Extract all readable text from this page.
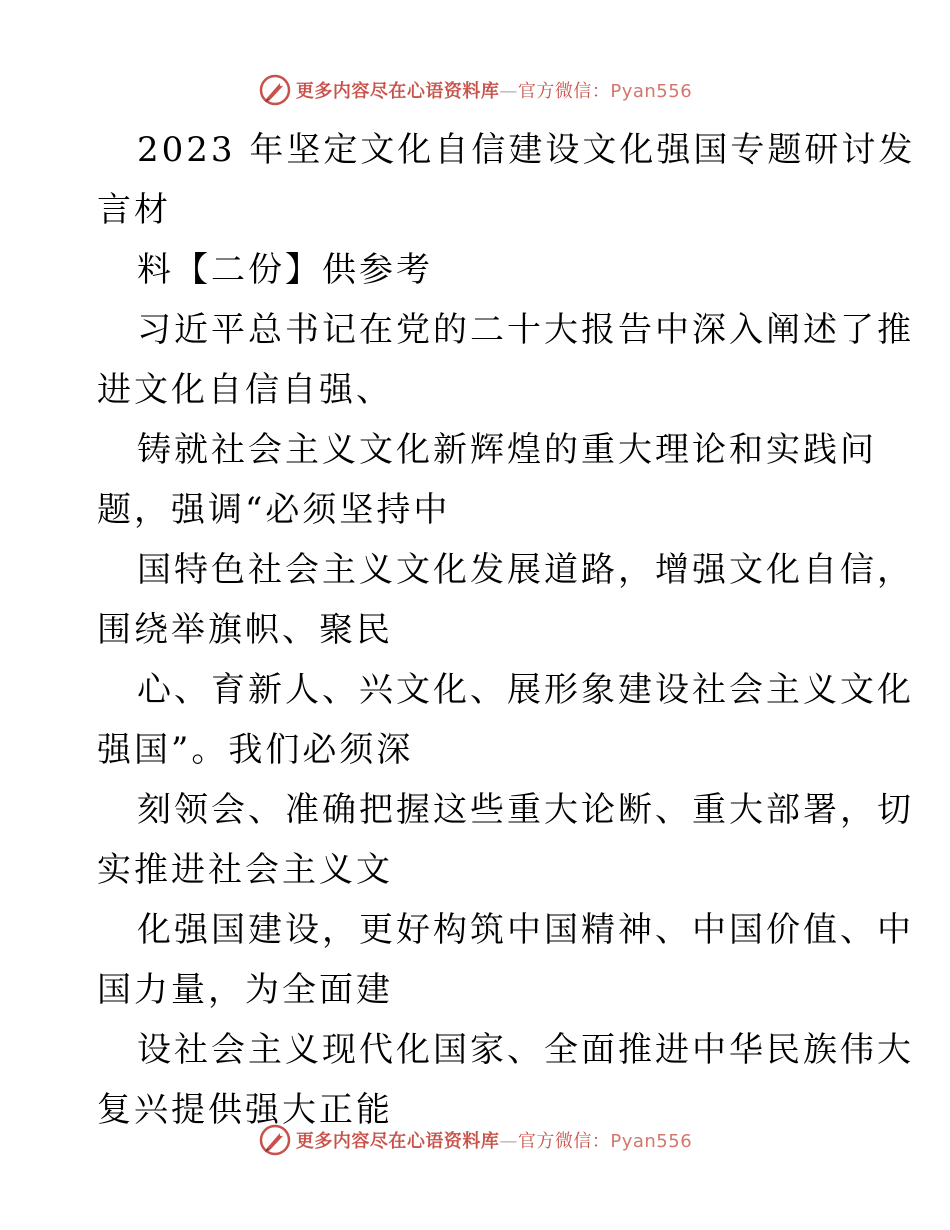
更多内容尽在心语资料库—官方微信：Pyan556
2023 年坚定文化自信建设文化强国专题研讨发
言材
料【二份】供参考
习近平总书记在党的二十大报告中深入阐述了推
进文化自信自强、
铸就社会主义文化新辉煌的重大理论和实践问
题，强调“必须坚持中
国特色社会主义文化发展道路，增强文化自信，
围绕举旗帜、聚民
心、育新人、兴文化、展形象建设社会主义文化
强国”。我们必须深
刻领会、准确把握这些重大论断、重大部署，切
实推进社会主义文
化强国建设，更好构筑中国精神、中国价值、中
国力量，为全面建
设社会主义现代化国家、全面推进中华民族伟大
复兴提供强大正能
更多内容尽在心语资料库—官方微信：Pyan556
